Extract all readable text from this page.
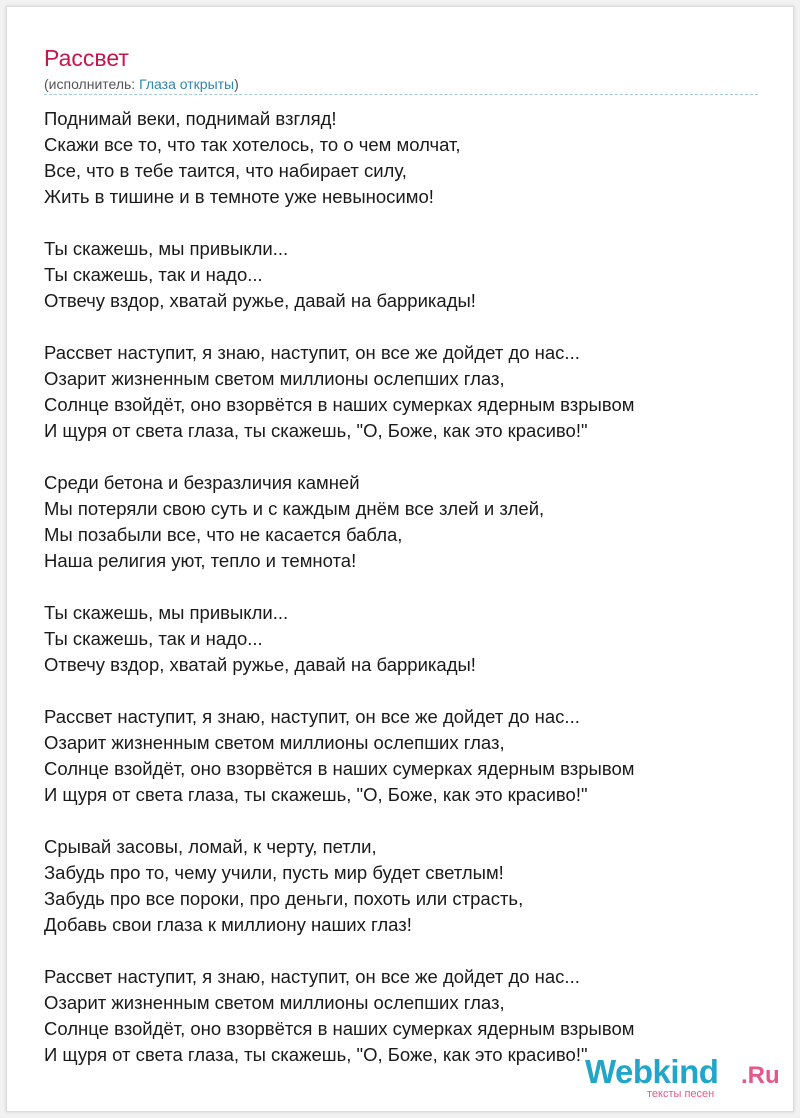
Рассвет
(исполнитель: Глаза открыты)
Поднимай веки, поднимай взгляд!
Скажи все то, что так хотелось, то о чем молчат,
Все, что в тебе таится, что набирает силу,
Жить в тишине и в темноте уже невыносимо!
Ты скажешь, мы привыкли...
Ты скажешь, так и надо...
Отвечу вздор, хватай ружье, давай на баррикады!
Рассвет наступит, я знаю, наступит, он все же дойдет до нас...
Озарит жизненным светом миллионы ослепших глаз,
Солнце взойдёт, оно взорвётся в наших сумерках ядерным взрывом
И щуря от света глаза, ты скажешь, "О, Боже, как это красиво!"
Среди бетона и безразличия камней
Мы потеряли свою суть и с каждым днём все злей и злей,
Мы позабыли все, что не касается бабла,
Наша религия уют, тепло и темнота!
Ты скажешь, мы привыкли...
Ты скажешь, так и надо...
Отвечу вздор, хватай ружье, давай на баррикады!
Рассвет наступит, я знаю, наступит, он все же дойдет до нас...
Озарит жизненным светом миллионы ослепших глаз,
Солнце взойдёт, оно взорвётся в наших сумерках ядерным взрывом
И щуря от света глаза, ты скажешь, "О, Боже, как это красиво!"
Срывай засовы, ломай, к черту, петли,
Забудь про то, чему учили, пусть мир будет светлым!
Забудь про все пороки, про деньги, похоть или страсть,
Добавь свои глаза к миллиону наших глаз!
Рассвет наступит, я знаю, наступит, он все же дойдет до нас...
Озарит жизненным светом миллионы ослепших глаз,
Солнце взойдёт, оно взорвётся в наших сумерках ядерным взрывом
И щуря от света глаза, ты скажешь, "О, Боже, как это красиво!"
Webkind .Ru
тексты песен
